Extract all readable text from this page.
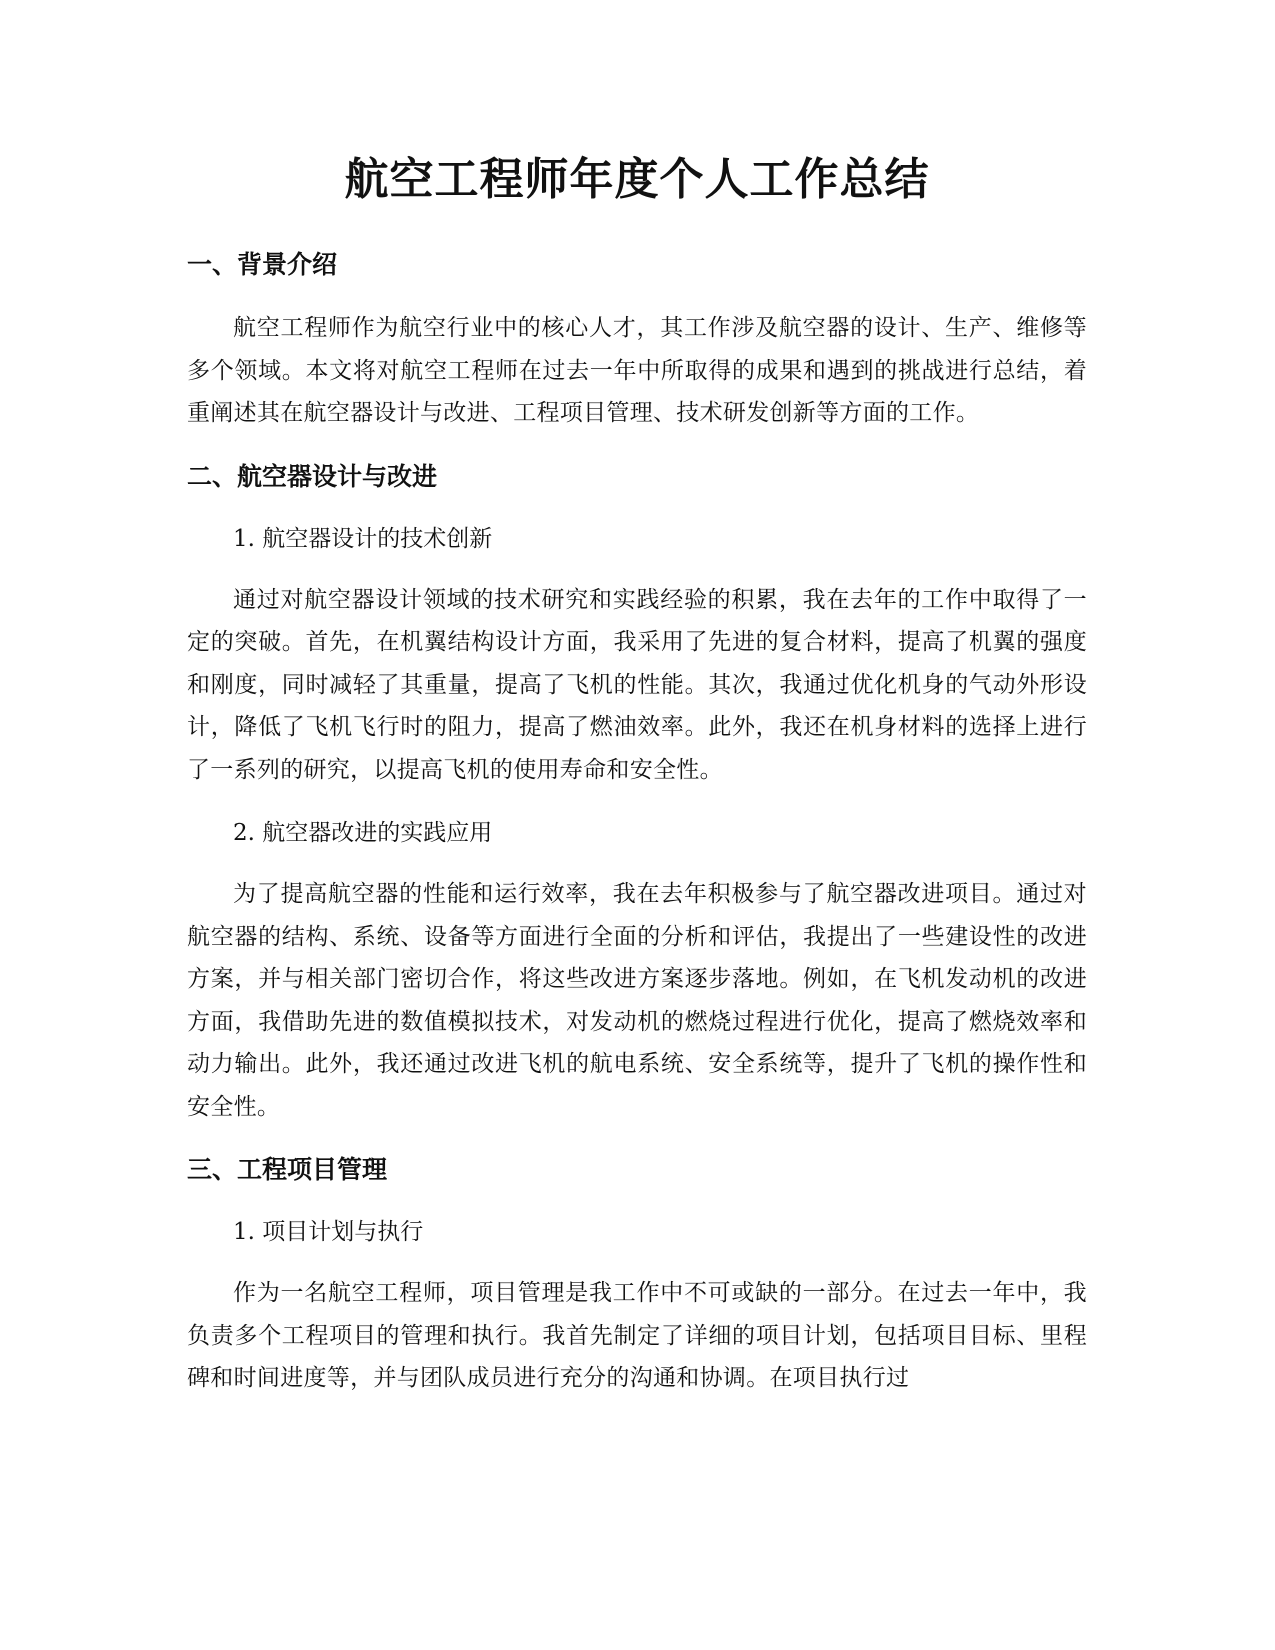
航空工程师年度个人工作总结
一、背景介绍

航空工程师作为航空行业中的核心人才，其工作涉及航空器的设计、生产、维修等多个领域。本文将对航空工程师在过去一年中所取得的成果和遇到的挑战进行总结，着重阐述其在航空器设计与改进、工程项目管理、技术研发创新等方面的工作。

二、航空器设计与改进

1. 航空器设计的技术创新

通过对航空器设计领域的技术研究和实践经验的积累，我在去年的工作中取得了一定的突破。首先，在机翼结构设计方面，我采用了先进的复合材料，提高了机翼的强度和刚度，同时减轻了其重量，提高了飞机的性能。其次，我通过优化机身的气动外形设计，降低了飞机飞行时的阻力，提高了燃油效率。此外，我还在机身材料的选择上进行了一系列的研究，以提高飞机的使用寿命和安全性。

2. 航空器改进的实践应用

为了提高航空器的性能和运行效率，我在去年积极参与了航空器改进项目。通过对航空器的结构、系统、设备等方面进行全面的分析和评估，我提出了一些建设性的改进方案，并与相关部门密切合作，将这些改进方案逐步落地。例如，在飞机发动机的改进方面，我借助先进的数值模拟技术，对发动机的燃烧过程进行优化，提高了燃烧效率和动力输出。此外，我还通过改进飞机的航电系统、安全系统等，提升了飞机的操作性和安全性。

三、工程项目管理

1. 项目计划与执行

作为一名航空工程师，项目管理是我工作中不可或缺的一部分。在过去一年中，我负责多个工程项目的管理和执行。我首先制定了详细的项目计划，包括项目目标、里程碑和时间进度等，并与团队成员进行充分的沟通和协调。在项目执行过
